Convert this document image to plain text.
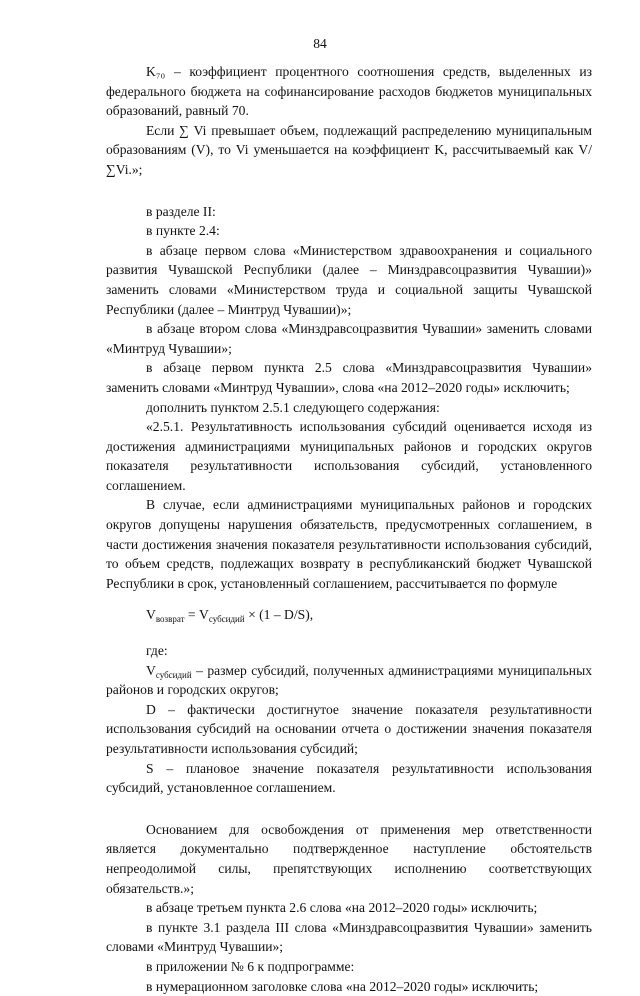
84

K₇₀ – коэффициент процентного соотношения средств, выделенных из федерального бюджета на софинансирование расходов бюджетов муниципальных образований, равный 70.

Если ∑ Vi превышает объем, подлежащий распределению муниципальным образованиям (V), то Vi уменьшается на коэффициент K, рассчитываемый как V/∑Vi.»;

в разделе II:

в пункте 2.4:

в абзаце первом слова «Министерством здравоохранения и социального развития Чувашской Республики (далее – Минздравсоцразвития Чувашии)» заменить словами «Министерством труда и социальной защиты Чувашской Республики (далее – Минтруд Чувашии)»;

в абзаце втором слова «Минздравсоцразвития Чувашии» заменить словами «Минтруд Чувашии»;

в абзаце первом пункта 2.5 слова «Минздравсоцразвития Чувашии» заменить словами «Минтруд Чувашии», слова «на 2012–2020 годы» исключить;

дополнить пунктом 2.5.1 следующего содержания:

«2.5.1. Результативность использования субсидий оценивается исходя из достижения администрациями муниципальных районов и городских округов показателя результативности использования субсидий, установленного соглашением.

В случае, если администрациями муниципальных районов и городских округов допущены нарушения обязательств, предусмотренных соглашением, в части достижения значения показателя результативности использования субсидий, то объем средств, подлежащих возврату в республиканский бюджет Чувашской Республики в срок, установленный соглашением, рассчитывается по формуле

$V_{возврат} = V_{субсидий} \times (1 - D/S)$,

где:

$V_{субсидий}$ – размер субсидий, полученных администрациями муниципальных районов и городских округов;

D – фактически достигнутое значение показателя результативности использования субсидий на основании отчета о достижении значения показателя результативности использования субсидий;

S – плановое значение показателя результативности использования субсидий, установленное соглашением.

Основанием для освобождения от применения мер ответственности является документально подтвержденное наступление обстоятельств непреодолимой силы, препятствующих исполнению соответствующих обязательств.»;

в абзаце третьем пункта 2.6 слова «на 2012–2020 годы» исключить;

в пункте 3.1 раздела III слова «Минздравсоцразвития Чувашии» заменить словами «Минтруд Чувашии»;

в приложении № 6 к подпрограмме:

в нумерационном заголовке слова «на 2012–2020 годы» исключить;
